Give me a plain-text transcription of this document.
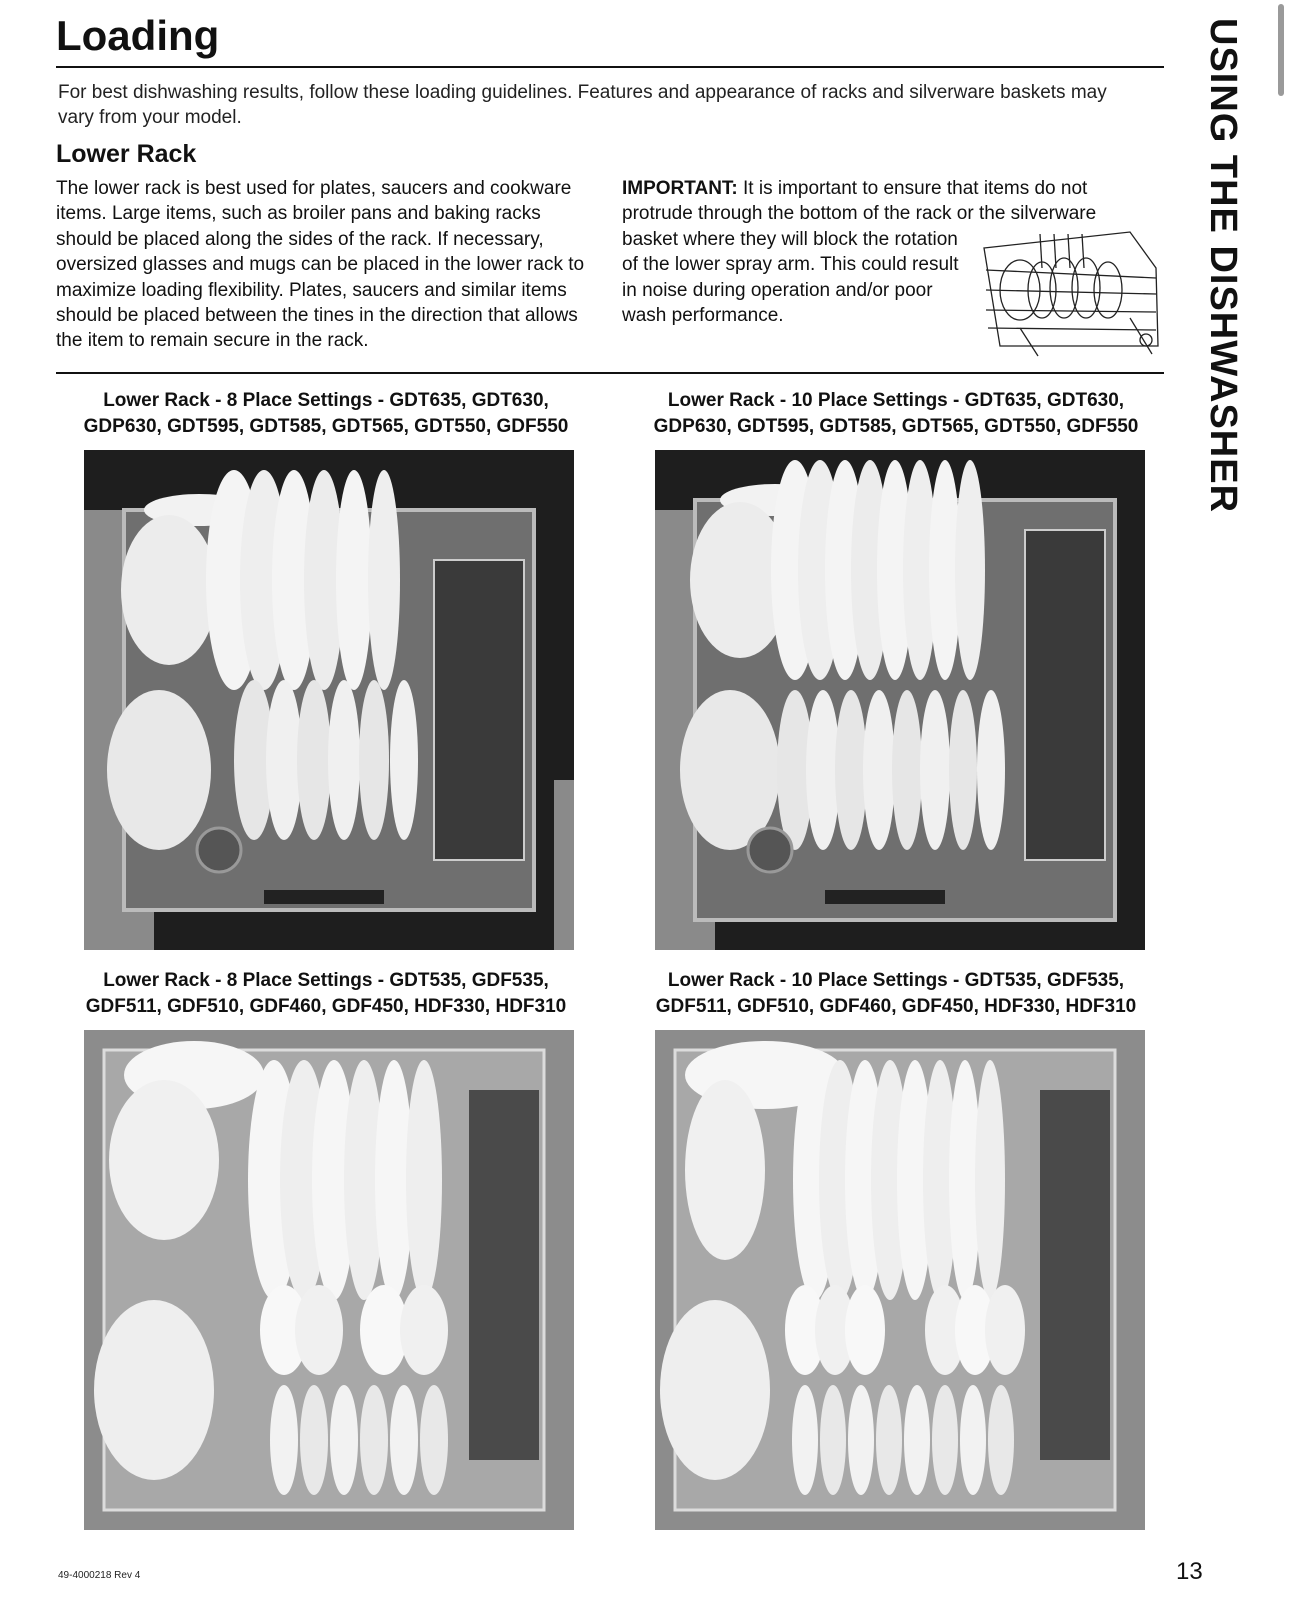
Loading
For best dishwashing results, follow these loading guidelines. Features and appearance of racks and silverware baskets may vary from your model.
Lower Rack
The lower rack is best used for plates, saucers and cookware items. Large items, such as broiler pans and baking racks should be placed along the sides of the rack. If necessary, oversized glasses and mugs can be placed in the lower rack to maximize loading flexibility. Plates, saucers and similar items should be placed between the tines in the direction that allows the item to remain secure in the rack.
IMPORTANT: It is important to ensure that items do not protrude through the bottom of the rack or the silverware
basket where they will block the rotation of the lower spray arm. This could result in noise during operation and/or poor wash performance.
Lower Rack - 8 Place Settings - GDT635, GDT630,
GDP630, GDT595, GDT585, GDT565, GDT550, GDF550
Lower Rack - 10 Place Settings - GDT635, GDT630,
GDP630, GDT595, GDT585, GDT565, GDT550, GDF550
Lower Rack - 8 Place Settings - GDT535, GDF535,
GDF511, GDF510, GDF460, GDF450, HDF330, HDF310
Lower Rack - 10 Place Settings - GDT535, GDF535,
GDF511, GDF510, GDF460, GDF450, HDF330, HDF310
USING THE DISHWASHER
49-4000218 Rev 4	13
